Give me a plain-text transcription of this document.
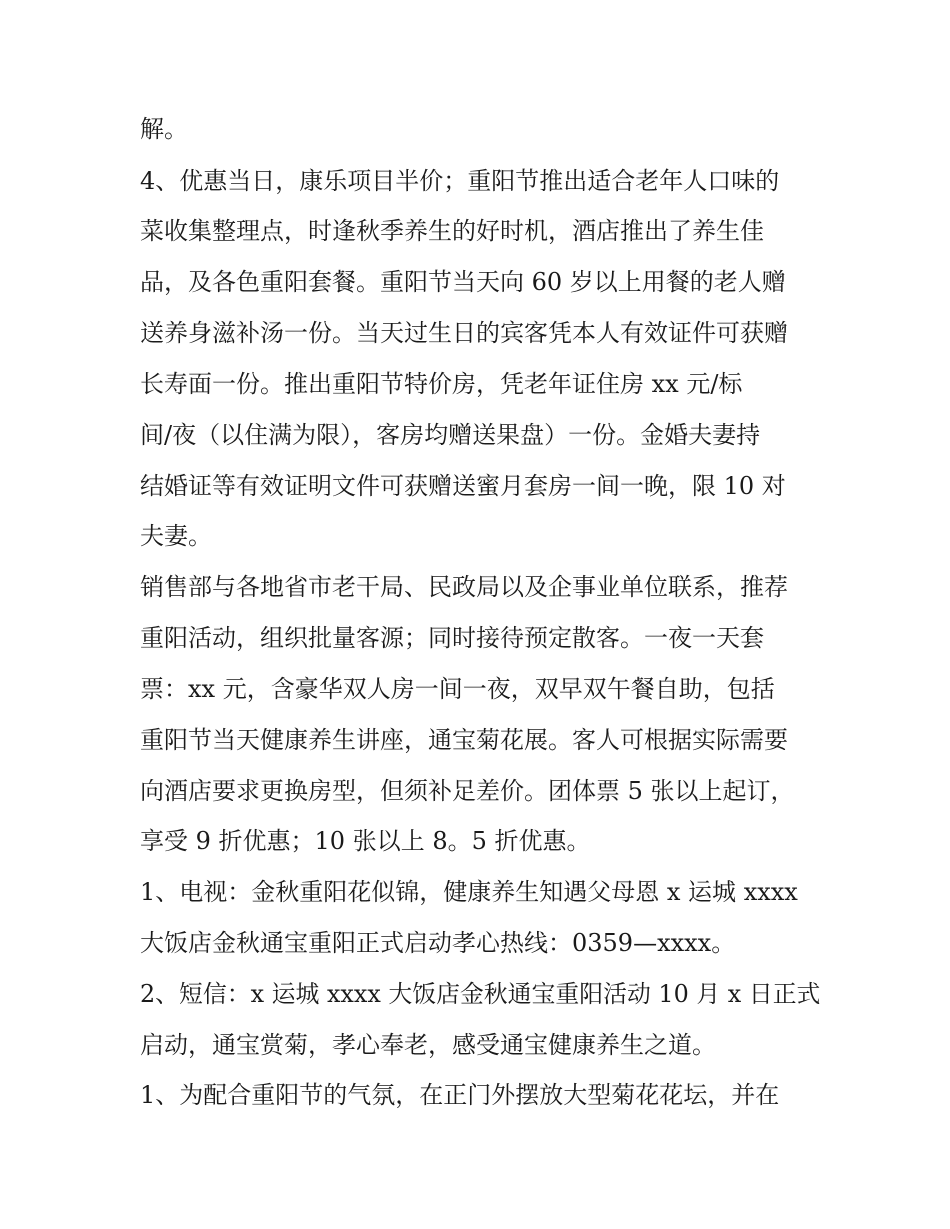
解。
4、优惠当日，康乐项目半价；重阳节推出适合老年人口味的
菜收集整理点，时逢秋季养生的好时机，酒店推出了养生佳
品，及各色重阳套餐。重阳节当天向 60 岁以上用餐的老人赠
送养身滋补汤一份。当天过生日的宾客凭本人有效证件可获赠
长寿面一份。推出重阳节特价房，凭老年证住房 xx 元/标
间/夜（以住满为限），客房均赠送果盘）一份。金婚夫妻持
结婚证等有效证明文件可获赠送蜜月套房一间一晚，限 10 对
夫妻。
销售部与各地省市老干局、民政局以及企事业单位联系，推荐
重阳活动，组织批量客源；同时接待预定散客。一夜一天套
票：xx 元，含豪华双人房一间一夜，双早双午餐自助，包括
重阳节当天健康养生讲座，通宝菊花展。客人可根据实际需要
向酒店要求更换房型，但须补足差价。团体票 5 张以上起订，
享受 9 折优惠；10 张以上 8。5 折优惠。
1、电视：金秋重阳花似锦，健康养生知遇父母恩 x 运城 xxxx
大饭店金秋通宝重阳正式启动孝心热线：0359—xxxx。
2、短信：x 运城 xxxx 大饭店金秋通宝重阳活动 10 月 x 日正式
启动，通宝赏菊，孝心奉老，感受通宝健康养生之道。
1、为配合重阳节的气氛，在正门外摆放大型菊花花坛，并在
